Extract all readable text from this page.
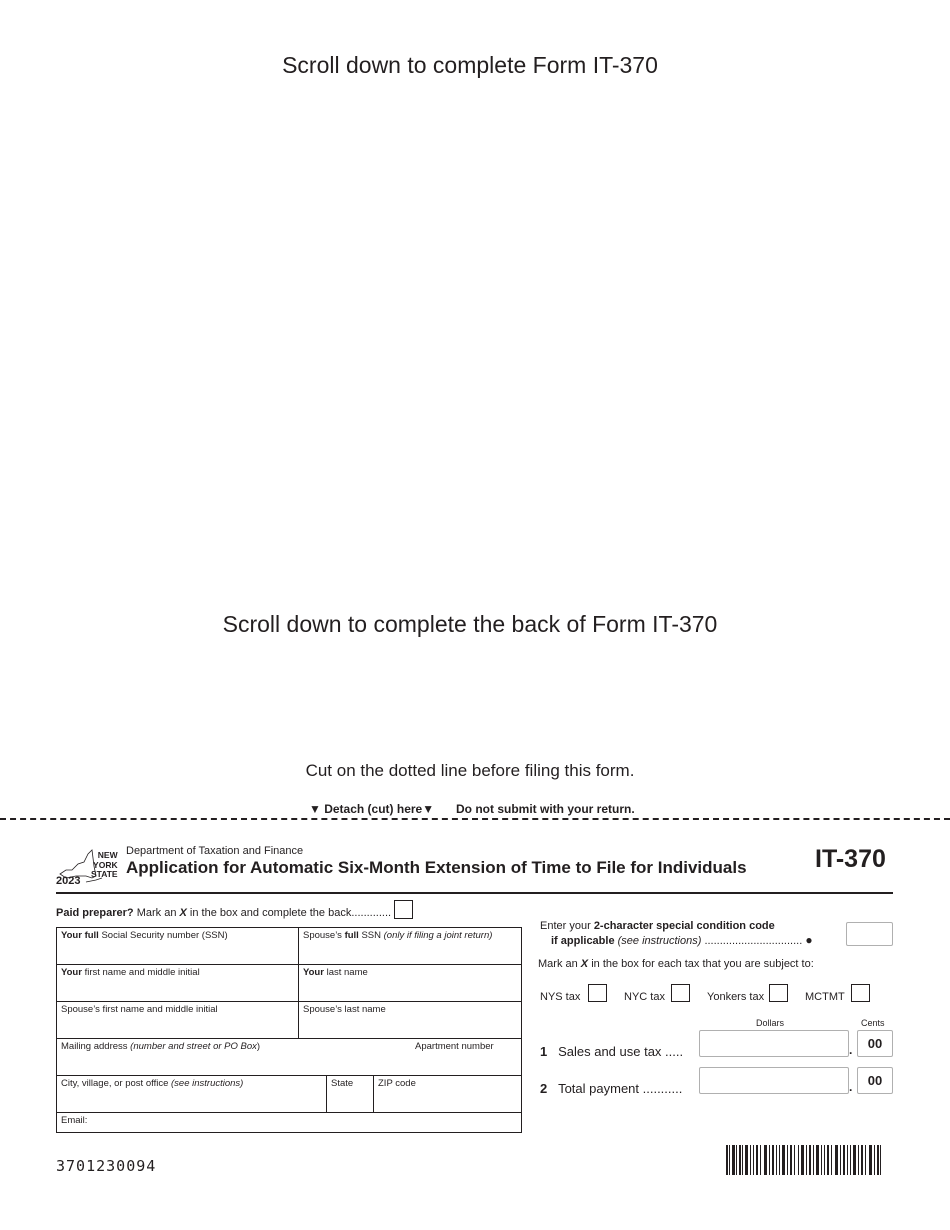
Scroll down to complete Form IT-370
Scroll down to complete the back of Form IT-370
Cut on the dotted line before filing this form.
▼ Detach (cut) here▼ Do not submit with your return.
NEW
YORK
STATE
2023
Department of Taxation and Finance
Application for Automatic Six-Month Extension of Time to File for Individuals	IT-370
Paid preparer? Mark an X in the box and complete the back.............
Your full Social Security number (SSN)	Spouse’s full SSN (only if filing a joint return)
Your first name and middle initial	Your last name
Spouse’s first name and middle initial	Spouse’s last name
Mailing address (number and street or PO Box)	Apartment number
City, village, or post office (see instructions)	State	ZIP code
Email:
Enter your 2-character special condition code
if applicable (see instructions) ................................ ●
Mark an X in the box for each tax that you are subject to:
NYS tax	NYC tax	Yonkers tax	MCTMT
Dollars	Cents
1 Sales and use tax .....	.	00
2 Total payment ...........	.	00
3701230094
